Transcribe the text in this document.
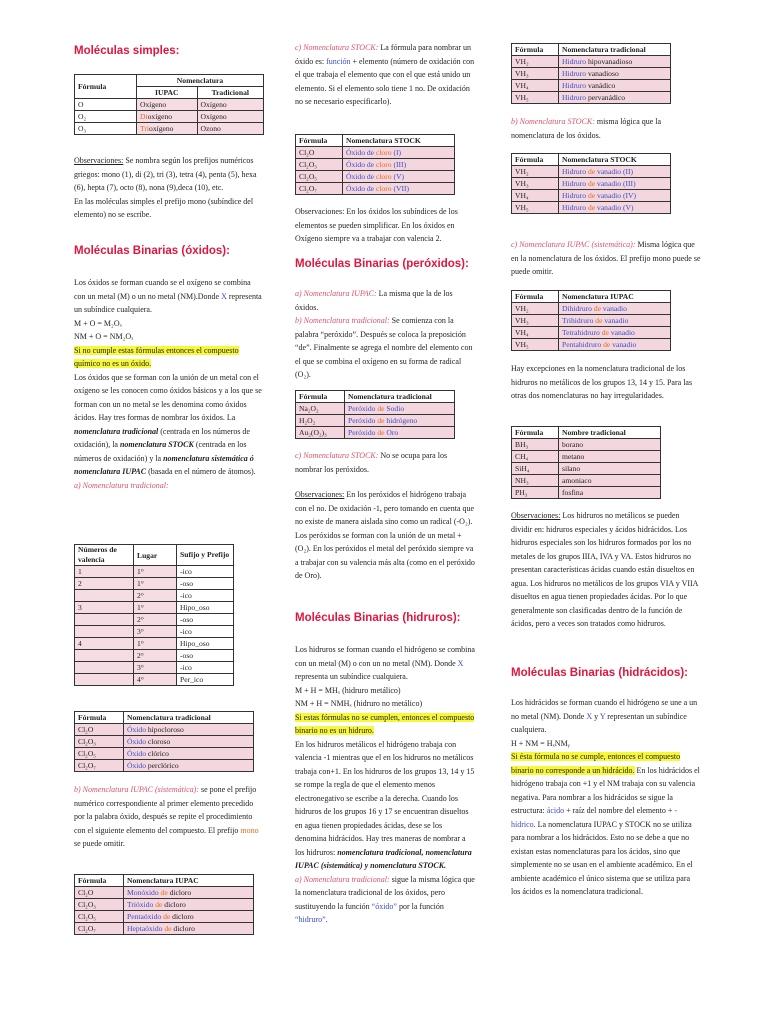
Moléculas simples:
Fórmula	Nomenclatura	
	IUPAC	Tradicional
O	Oxígeno	Oxígeno
O₂	Dioxígeno	Oxígeno
O₃	Trioxígeno	Ozono

Observaciones: Se nombra según los prefijos numéricos griegos: mono (1), di (2), tri (3), tetra (4), penta (5), hexa (6), hepta (7), octo (8), nona (9),deca (10), etc.
En las moléculas simples el prefijo mono (subíndice del elemento) no se escribe.

Moléculas Binarias (óxidos):

Los óxidos se forman cuando se el oxígeno se combina con un metal (M) o un no metal (NM).Donde X representa un subíndice cualquiera.
M + O = M₂Oₓ
NM + O = NM₂Oₓ
Si no cumple estas fórmulas entonces el compuesto químico no es un óxido.
Los óxidos que se forman con la unión de un metal con el oxígeno se les conocen como óxidos básicos y a los que se forman con un no metal se les denomina como óxidos ácidos. Hay tres formas de nombrar los óxidos. La nomenclatura tradicional (centrada en los números de oxidación), la nomenclatura STOCK (centrada en los números de oxidación) y la nomenclatura sistemática ó nomenclatura IUPAC (basada en el número de átomos).
a) Nomenclatura tradicional:

Números de valencia	Lugar	Sufijo y Prefijo
1	1°	-ico
2	1°	-oso
	2°	-ico
3	1°	Hipo_oso
	2°	-oso
	3°	-ico
4	1°	Hipo_oso
	2°	-oso
	3°	-ico
	4°	Per_ico
Fórmula	Nomenclatura tradicional
Cl₂O	Óxido hipocloroso
Cl₂O₃	Óxido cloroso
Cl₂O₅	Óxido clórico
Cl₂O₇	Óxido perclórico

b) Nomenclatura IUPAC (sistemática): se pone el prefijo numérico correspondiente al primer elemento precedido por la palabra óxido, después se repite el procedimiento con el siguiente elemento del compuesto. El prefijo mono se puede omitir.

Fórmula	Nomenclatura IUPAC
Cl₂O	Monóxido de dicloro
Cl₂O₃	Trióxido de dicloro
Cl₂O₅	Pentaóxido de dicloro
Cl₂O₇	Heptaóxido de dicloro

c) Nomenclatura STOCK: La fórmula para nombrar un óxido es: función + elemento (número de oxidación con el que trabaja el elemento que con el que está unido un elemento. Si el elemento solo tiene 1 no. De oxidación no se necesario especificarlo).

Fórmula	Nomenclatura STOCK
Cl₂O	Óxido de cloro (I)
Cl₂O₃	Óxido de cloro (III)
Cl₂O₅	Óxido de cloro (V)
Cl₂O₇	Óxido de cloro (VII)

Observaciones: En los óxidos los subíndices de los elementos se pueden simplificar. En los óxidos en Oxígeno siempre va a trabajar con valencia 2.

Moléculas Binarias (peróxidos):

a) Nomenclatura IUPAC: La misma que la de los óxidos.
b) Nomenclatura tradicional: Se comienza con la palabra “peróxido”. Después se coloca la preposición “de”. Finalmente se agrega el nombre del elemento con el que se combina el oxígeno en su forma de radical (O₂).

Fórmula	Nomenclatura tradicional
Na₂O₂	Peróxido de Sodio
H₂O₂	Peróxido de hidrógeno
Au₂(O₂)₃	Peróxido de Oro

c) Nomenclatura STOCK: No se ocupa para los nombrar los peróxidos.

Observaciones: En los peróxidos el hidrógeno trabaja con el no. De oxidación -1, pero tomando en cuenta que no existe de manera aislada sino como un radical (-O₂). Los peróxidos se forman con la unión de un metal + (O₂). En los peróxidos el metal del peróxido siempre va a trabajar con su valencia más alta (como en el peróxido de Oro).

Moléculas Binarias (hidruros):

Los hidruros se forman cuando el hidrógeno se combina con un metal (M) o con un no metal (NM). Donde X representa un subíndice cualquiera.
M + H = MHₓ (hidruro metálico)
NM + H = NMHₓ (hidruro no metálico)
Si estas fórmulas no se cumplen, entonces el compuesto binario no es un hidruro.
En los hidruros metálicos el hidrógeno trabaja con valencia -1 mientras que el en los hidruros no metálicos trabaja con+1. En los hidruros de los grupos 13, 14 y 15 se rompe la regla de que el elemento menos electronegativo se escribe a la derecha. Cuando los hidruros de los grupos 16 y 17 se encuentran disueltos en agua tienen propiedades ácidas, dese se los denomina hidrácidos. Hay tres maneras de nombrar a los hidruros: nomenclatura tradicional, nomenclatura IUPAC (sistemática) y nomenclatura STOCK.
a) Nomenclatura tradicional: sigue la misma lógica que la nomenclatura tradicional de los óxidos, pero sustituyendo la función “óxido” por la función “hidruro”.

Fórmula	Nomenclatura tradicional
VH₂	Hidruro hipovanadioso
VH₃	Hidruro vanadioso
VH₄	Hidruro vanádico
VH₅	Hidruro pervanádico

b) Nomenclatura STOCK: misma lógica que la nomenclatura de los óxidos.

Fórmula	Nomenclatura STOCK
VH₂	Hidruro de vanadio (II)
VH₃	Hidruro de vanadio (III)
VH₄	Hidruro de vanadio (IV)
VH₅	Hidruro de vanadio (V)

c) Nomenclatura IUPAC (sistemática): Misma lógica que en la nomenclatura de los óxidos. El prefijo mono puede se puede omitir.

Fórmula	Nomenclatura IUPAC
VH₂	Dihidruro de vanadio
VH₃	Trihidruro de vanadio
VH₄	Tetrahidruro de vanadio
VH₅	Pentahidruro de vanadio

Hay excepciones en la nomenclatura tradicional de los hidruros no metálicos de los grupos 13, 14 y 15. Para las otras dos nomenclaturas no hay irregularidades.

Fórmula	Nombre tradicional
BH₃	borano
CH₄	metano
SiH₄	silano
NH₃	amoniaco
PH₃	fosfina

Observaciones: Los hidruros no metálicos se pueden dividir en: hidruros especiales y ácidos hidrácidos. Los hidruros especiales son los hidruros formados por los no metales de los grupos IIIA, IVA y VA. Estos hidruros no presentan características ácidas cuando están disueltos en agua. Los hidruros no metálicos de los grupos VIA y VIIA disueltos en agua tienen propiedades ácidas. Por lo que generalmente son clasificadas dentro de la función de ácidos, pero a veces son tratados como hidruros.

Moléculas Binarias (hidrácidos):

Los hidrácidos se forman cuando el hidrógeno se une a un no metal (NM). Donde X y Y representan un subíndice cualquiera.
H + NM = HₓNMᵧ
Si ésta fórmula no se cumple, entonces el compuesto binario no corresponde a un hidrácido. En los hidrácidos el hidrógeno trabaja con +1 y el NM trabaja con su valencia negativa. Para nombrar a los hidrácidos se sigue la estructura: ácido + raíz del nombre del elemento + -hídrico. La nomenclatura IUPAC y STOCK no se utiliza para nombrar a los hidrácidos. Esto no se debe a que no existan estas nomenclaturas para los ácidos, sino que simplemente no se usan en el ambiente académico. En el ambiente académico el único sistema que se utiliza para los ácidos es la nomenclatura tradicional.
